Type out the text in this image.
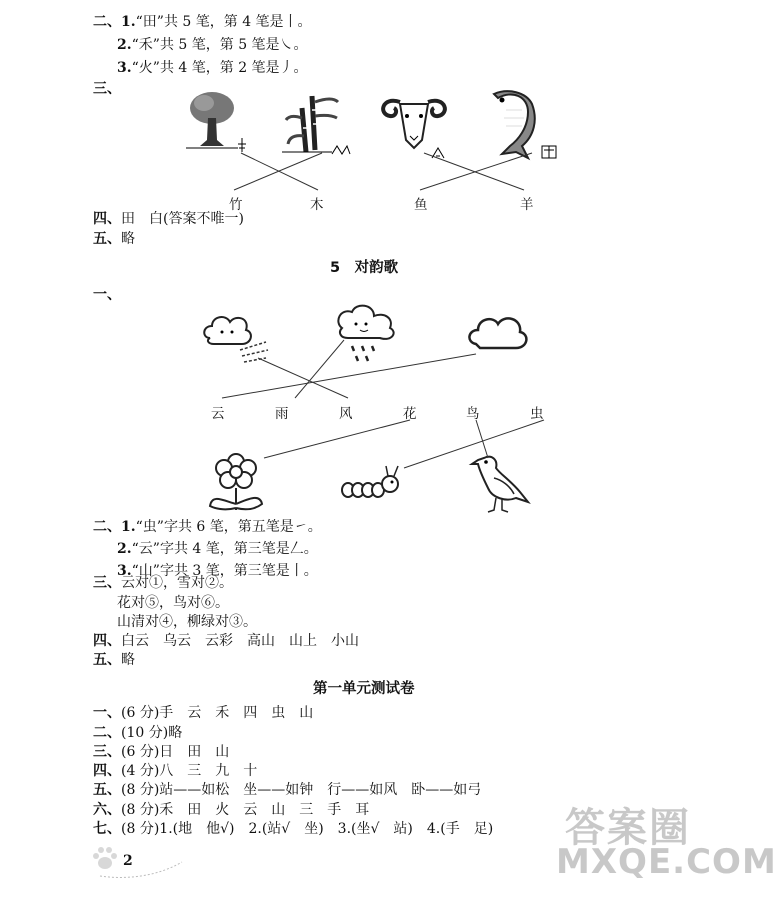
二、1.“田”共 5 笔，第 4 笔是丨。
2.“禾”共 5 笔，第 5 笔是㇏。
3.“火”共 4 笔，第 2 笔是丿。
三、
竹	木	鱼	羊
四、田　白(答案不唯一)
五、略
5　对韵歌
一、
云	雨	风	花	鸟	虫
二、1.“虫”字共 6 笔，第五笔是㇀。
2.“云”字共 4 笔，第三笔是𠃋。
3.“山”字共 3 笔，第三笔是丨。
三、云对①，雪对②。
花对⑤，鸟对⑥。
山清对④，柳绿对③。
四、白云　乌云　云彩　高山　山上　小山
五、略
第一单元测试卷
一、(6 分)手　云　禾　四　虫　山
二、(10 分)略
三、(6 分)日　田　山
四、(4 分)八　三　九　十
五、(8 分)站——如松　坐——如钟　行——如风　卧——如弓
六、(8 分)禾　田　火　云　山　三　手　耳
七、(8 分)1.(地　他√)　2.(站√　坐)　3.(坐√　站)　4.(手　足)
2
答案圈
MXQE.COM
